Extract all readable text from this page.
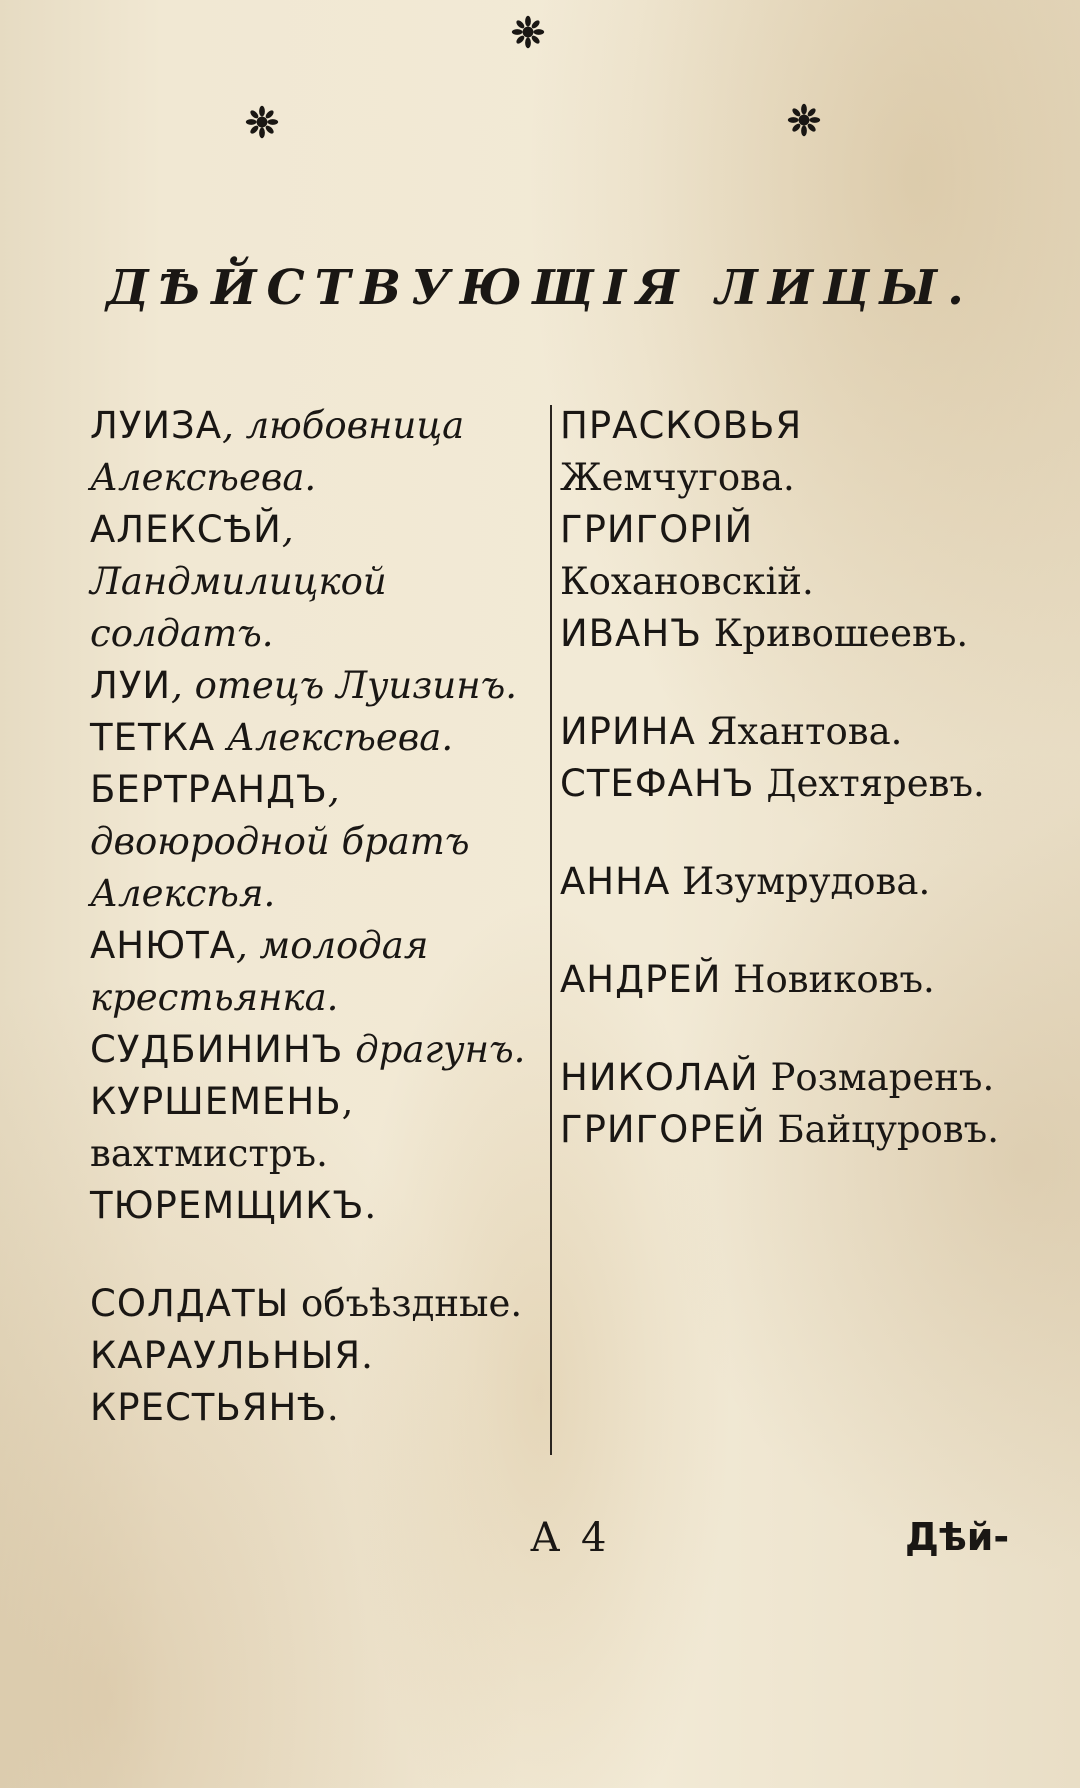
ДѢЙСТВУЮЩІЯ ЛИЦЫ.
ЛУИЗА, любовница Алексѣева.
АЛЕКСѢЙ, Ландмилицкой солдатъ.
ЛУИ, отецъ Луизинъ.
ТЕТКА Алексѣева.
БЕРТРАНДЪ, двоюродной братъ Алексѣя.
АНЮТА, молодая крестьянка.
СУДБИНИНЪ драгунъ.
КУРШЕМЕНЬ, вахтмистръ.
ТЮРЕМЩИКЪ.
СОЛДАТЫ объѣздные.
КАРАУЛЬНЫЯ.
КРЕСТЬЯНѢ.
ПРАСКОВЬЯ Жемчугова.
ГРИГОРІЙ Кохановскій.
ИВАНЪ Кривошеевъ.
ИРИНА Яхантова.
СТЕФАНЪ Дехтяревъ.
АННА Изумрудова.
АНДРЕЙ Новиковъ.
НИКОЛАЙ Розмаренъ.
ГРИГОРЕЙ Байцуровъ.
А 4	Дѣй-
